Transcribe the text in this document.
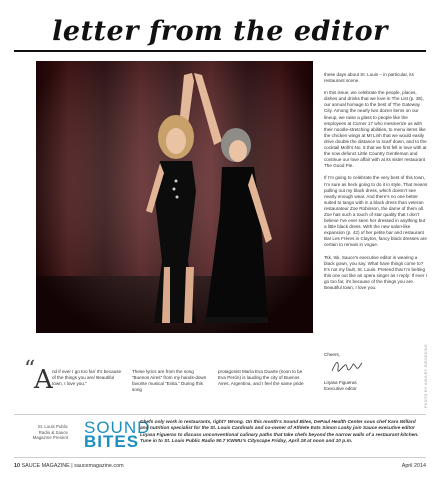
letter from the editor

these days about St. Louis – in particular, its restaurant scene.

In this issue, we celebrate the people, places, dishes and drinks that we love in The List (p. 38), our annual homage to the best of The Gateway City. Among the nearly two dozen items on our lineup, we raise a glass to people like the employees at Corner 17 who mesmerize us with their noodle-stretching abilities, to menu items like the chicken wings at MI Linh that we would easily drive double the distance to scarf down, and to the cocktail Molli’s No. 5 that we first fell in love with at the now defunct Little Country Gentleman and continue our love affair with at its sister restaurant The Good Pie.

If I’m going to celebrate the very best of this town, I’m sure as heck going to do it in style. That means pulling out my black dress, which doesn’t see nearly enough wear. And there’s no one better suited to tango with in a black dress than veteran restaurateur Zoe Robinson, the dame of them all. Zoe has such a touch of star quality that I don’t believe I’ve ever seen her dressed in anything but a little black dress. With the new salon-like expansion (p. 42) of her petite bar and restaurant Bar Les Frères in Clayton, fancy black dresses are certain to remain in vogue.

Tsk, tsk, Sauce’s executive editor is wearing a black gown, you say. What have things come to? It’s not my fault, St. Louis. Pretend that I’m belting this one out like an opera singer as I reply: If ever I go too far, it’s because of the things you are. Beautiful town, I love you.

Cheers,
Liŋasa Figueras
Executive editor
“
A nd if ever I go too far/ It’s because of the things you are/ Beautiful town, I love you.”
These lyrics are from the song “Buenos Aires” from my hands-down favorite musical “Evita.” During this song
protagonist María Eva Duarte (soon to be Eva Perón) is lauding the city of Buenos Aires, Argentina, and I feel the same pride	PHOTO BY ASHLEY GIESEKING
St. Louis Public Radio & Sauce Magazine Present
SOUND
BITES
Chefs only work in restaurants, right? Wrong. On this month’s Sound Bites, DePaul Health Center sous chef Kara Willard and nutrition specialist for the St. Louis Cardinals and co-owner of Athlete Eats Simon Lasky join Sauce executive editor Liŋasa Figueras to discuss unconventional culinary paths that take chefs beyond the narrow walls of a restaurant kitchen. Tune in to St. Louis Public Radio 90.7 KWMU’s Cityscape Friday, April 18 at noon and 10 p.m.
10 SAUCE MAGAZINE | saucemagazine.com	April 2014
